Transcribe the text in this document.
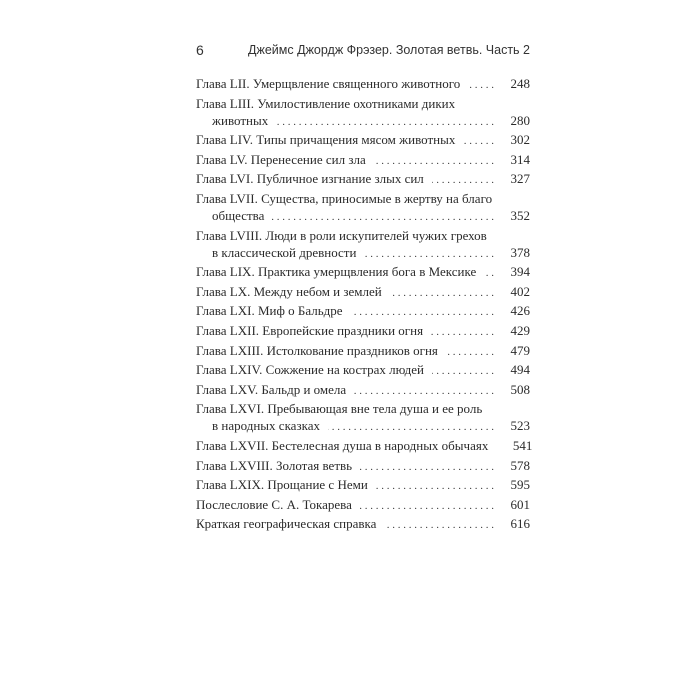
6	Джеймс Джордж Фрэзер. Золотая ветвь. Часть 2
Глава LII. Умерщвление священного животного . . .	248
Глава LIII. Умилостивление охотниками диких
животных . . .	280
Глава LIV. Типы причащения мясом животных . . .	302
Глава LV. Перенесение сил зла . . .	314
Глава LVI. Публичное изгнание злых сил . . .	327
Глава LVII. Существа, приносимые в жертву на благо
общества . . .	352
Глава LVIII. Люди в роли искупителей чужих грехов
в классической древности . . .	378
Глава LIX. Практика умерщвления бога в Мексике . . .	394
Глава LX. Между небом и землей . . .	402
Глава LXI. Миф о Бальдре . . .	426
Глава LXII. Европейские праздники огня . . .	429
Глава LXIII. Истолкование праздников огня . . .	479
Глава LXIV. Сожжение на кострах людей . . .	494
Глава LXV. Бальдр и омела . . .	508
Глава LXVI. Пребывающая вне тела душа и ее роль
в народных сказках . . .	523
Глава LXVII. Бестелесная душа в народных обычаях	541
Глава LXVIII. Золотая ветвь . . .	578
Глава LXIX. Прощание с Неми . . .	595
Послесловие С. А. Токарева . . .	601
Краткая географическая справка . . .	616
